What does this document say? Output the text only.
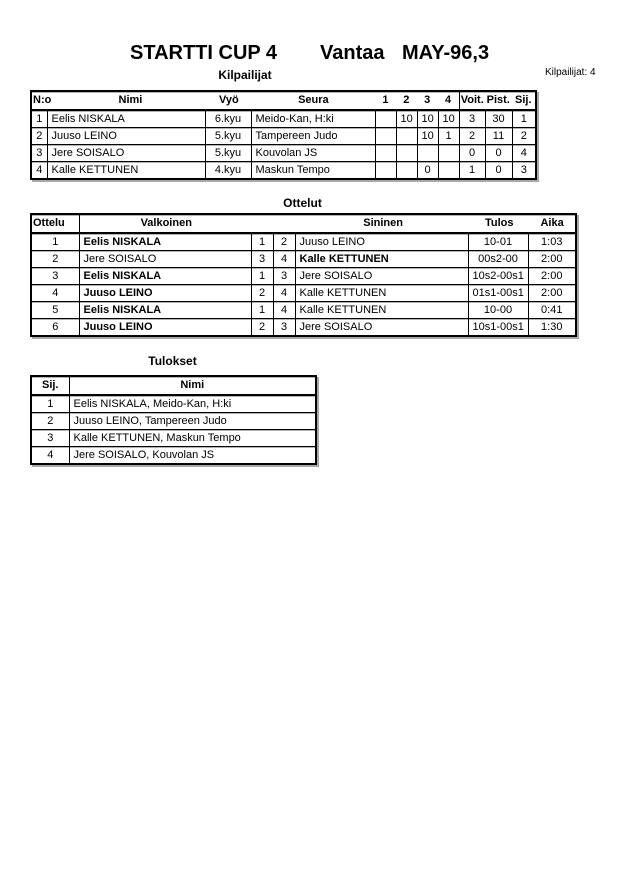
STARTTI CUP 4 Vantaa MAY-96,3
Kilpailijat: 4
Kilpailijat
N:o	Nimi	Vyö	Seura	1	2	3	4	Voit. Pist. Sij.

1	Eelis NISKALA	6.kyu	Meido-Kan, H:ki		10	10	10	3	30	1
2	Juuso LEINO	5.kyu	Tampereen Judo			10	1	2	11	2
3	Jere SOISALO	5.kyu	Kouvolan JS					0	0	4
4	Kalle KETTUNEN	4.kyu	Maskun Tempo			0		1	0	3
Ottelut
Ottelu	Valkoinen Sininen Tulos Aika					

1	Eelis NISKALA	1	2	Juuso LEINO	10-01	1:03
2	Jere SOISALO	3	4	Kalle KETTUNEN	00s2-00	2:00
3	Eelis NISKALA	1	3	Jere SOISALO	10s2-00s1	2:00
4	Juuso LEINO	2	4	Kalle KETTUNEN	01s1-00s1	2:00
5	Eelis NISKALA	1	4	Kalle KETTUNEN	10-00	0:41
6	Juuso LEINO	2	3	Jere SOISALO	10s1-00s1	1:30
Tulokset
Sij.	Nimi
1	Eelis NISKALA, Meido-Kan, H:ki
2	Juuso LEINO, Tampereen Judo
3	Kalle KETTUNEN, Maskun Tempo
4	Jere SOISALO, Kouvolan JS
